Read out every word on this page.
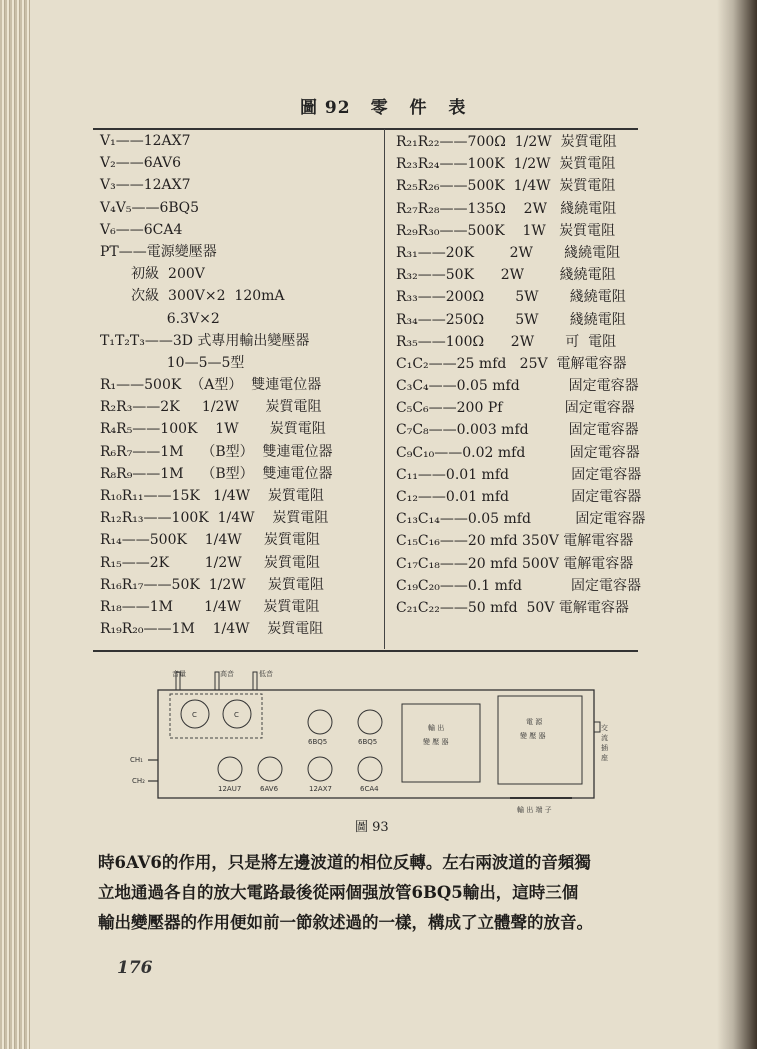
圖 92 零 件 表
V₁——12AX7
V₂——6AV6
V₃——12AX7
V₄V₅——6BQ5
V₆——6CA4
PT——電源變壓器
初級  200V
次級  300V×2  120mA
6.3V×2
T₁T₂T₃——3D 式專用輸出變壓器
10—5—5型
R₁——500K  （A型）  雙連電位器
R₂R₃——2K     1/2W      炭質電阻
R₄R₅——100K    1W       炭質電阻
R₆R₇——1M    （B型）  雙連電位器
R₈R₉——1M    （B型）  雙連電位器
R₁₀R₁₁——15K   1/4W    炭質電阻
R₁₂R₁₃——100K  1/4W    炭質電阻
R₁₄——500K    1/4W     炭質電阻
R₁₅——2K        1/2W     炭質電阻
R₁₆R₁₇——50K  1/2W     炭質電阻
R₁₈——1M       1/4W     炭質電阻
R₁₉R₂₀——1M    1/4W    炭質電阻
R₂₁R₂₂——700Ω  1/2W  炭質電阻
R₂₃R₂₄——100K  1/2W  炭質電阻
R₂₅R₂₆——500K  1/4W  炭質電阻
R₂₇R₂₈——135Ω    2W   綫繞電阻
R₂₉R₃₀——500K    1W   炭質電阻
R₃₁——20K        2W       綫繞電阻
R₃₂——50K      2W        綫繞電阻
R₃₃——200Ω       5W       綫繞電阻
R₃₄——250Ω       5W       綫繞電阻
R₃₅——100Ω      2W       可  電阻
C₁C₂——25 mfd   25V  電解電容器
C₃C₄——0.05 mfd           固定電容器
C₅C₆——200 Pf              固定電容器
C₇C₈——0.003 mfd         固定電容器
C₉C₁₀——0.02 mfd          固定電容器
C₁₁——0.01 mfd              固定電容器
C₁₂——0.01 mfd              固定電容器
C₁₃C₁₄——0.05 mfd          固定電容器
C₁₅C₁₆——20 mfd 350V 電解電容器
C₁₇C₁₈——20 mfd 500V 電解電容器
C₁₉C₂₀——0.1 mfd           固定電容器
C₂₁C₂₂——50 mfd  50V 電解電容器
音量	高音	低音
C	C
6BQ5	6BQ5
12AU7	6AV6	12AX7	6CA4
輸 出
變 壓 器
電 源
變 壓 器
交
流
插
座
CH₁
CH₂
輸 出 端 子
圖 93

時6AV6的作用，只是將左邊波道的相位反轉。左右兩波道的音頻獨

立地通過各自的放大電路最後從兩個强放管6BQ5輸出，這時三個

輸出變壓器的作用便如前一節敘述過的一樣，構成了立體聲的放音。

176
